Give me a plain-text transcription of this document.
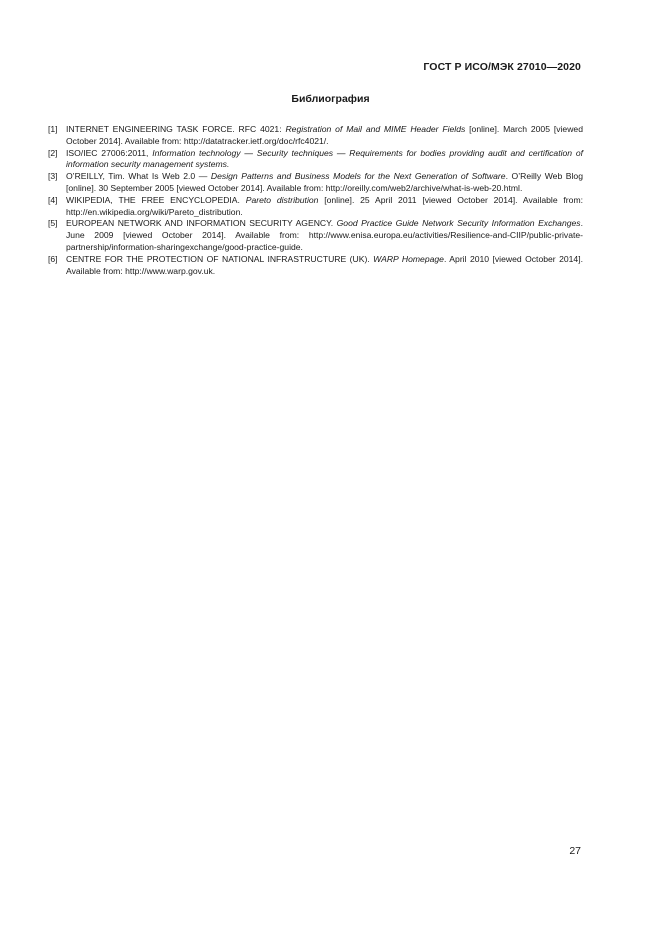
ГОСТ Р ИСО/МЭК 27010—2020
Библиография
[1] INTERNET ENGINEERING TASK FORCE. RFC 4021: Registration of Mail and MIME Header Fields [online]. March 2005 [viewed October 2014]. Available from: http://datatracker.ietf.org/doc/rfc4021/.
[2] ISO/IEC 27006:2011, Information technology — Security techniques — Requirements for bodies providing audit and certification of information security management systems.
[3] O’REILLY, Tim. What Is Web 2.0 — Design Patterns and Business Models for the Next Generation of Software. O’Reilly Web Blog [online]. 30 September 2005 [viewed October 2014]. Available from: http://oreilly.com/web2/archive/what-is-web-20.html.
[4] WIKIPEDIA, THE FREE ENCYCLOPEDIA. Pareto distribution [online]. 25 April 2011 [viewed October 2014]. Available from: http://en.wikipedia.org/wiki/Pareto_distribution.
[5] EUROPEAN NETWORK AND INFORMATION SECURITY AGENCY. Good Practice Guide Network Security Information Exchanges. June 2009 [viewed October 2014]. Available from: http://www.enisa.europa.eu/activities/Resilience-and-CIIP/public-private-partnership/information-sharingexchange/good-practice-guide.
[6] CENTRE FOR THE PROTECTION OF NATIONAL INFRASTRUCTURE (UK). WARP Homepage. April 2010 [viewed October 2014]. Available from: http://www.warp.gov.uk.
27
